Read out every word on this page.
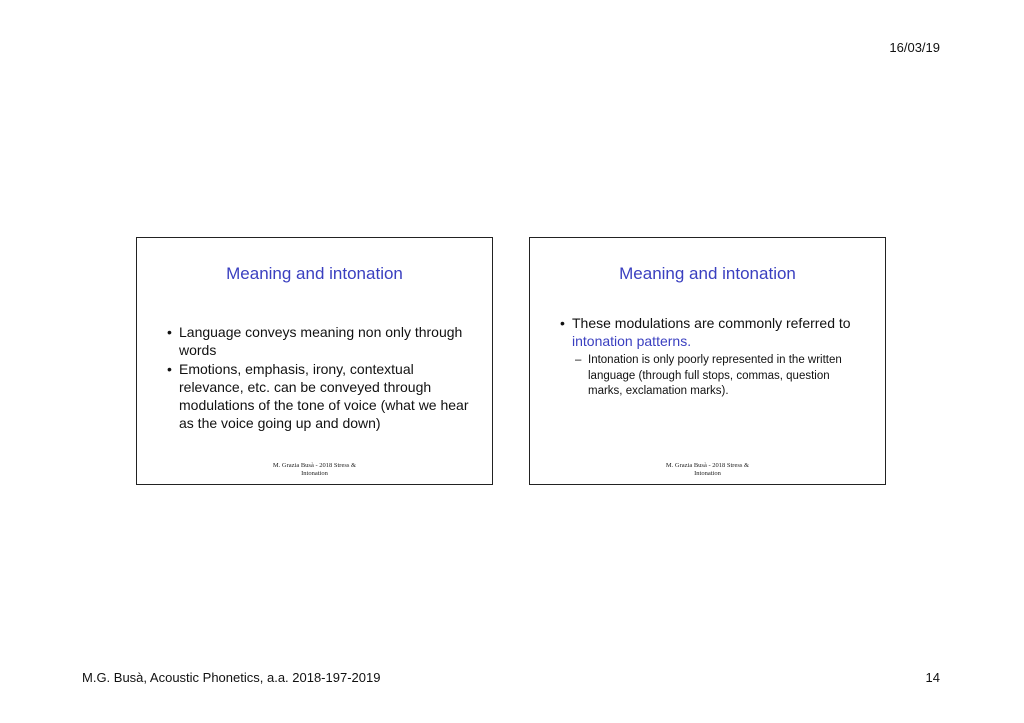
16/03/19
Meaning and intonation
• Language conveys meaning non only through words
• Emotions, emphasis, irony, contextual relevance, etc. can be conveyed through modulations of the tone of voice (what we hear as the voice going up and down)
M. Grazia Busà - 2018 Stress &
Intonation
Meaning and intonation
• These modulations are commonly referred to intonation patterns.
– Intonation is only poorly represented in the written language (through full stops, commas, question marks, exclamation marks).
M. Grazia Busà - 2018 Stress &
Intonation
M.G. Busà, Acoustic Phonetics, a.a. 2018-197-2019	14
